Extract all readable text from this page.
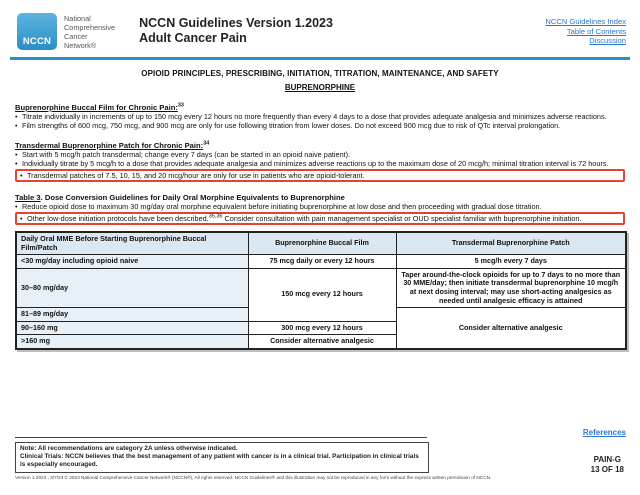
NCCN
National
Comprehensive
Cancer
Network®
NCCN Guidelines Version 1.2023
Adult Cancer Pain
NCCN Guidelines Index
Table of Contents
Discussion
OPIOID PRINCIPLES, PRESCRIBING, INITIATION, TITRATION, MAINTENANCE, AND SAFETY
BUPRENORPHINE
Buprenorphine Buccal Film for Chronic Pain:$^{33}$
• Titrate individually in increments of up to 150 mcg every 12 hours no more frequently than every 4 days to a dose that provides adequate analgesia and minimizes adverse reactions.
• Film strengths of 600 mcg, 750 mcg, and 900 mcg are only for use following titration from lower doses. Do not exceed 900 mcg due to risk of QTc interval prolongation.
Transdermal Buprenorphine Patch for Chronic Pain:$^{34}$
• Start with 5 mcg/h patch transdermal; change every 7 days (can be started in an opioid naive patient).
• Individually titrate by 5 mcg/h to a dose that provides adequate analgesia and minimizes adverse reactions up to the maximum dose of 20 mcg/h; minimal titration interval is 72 hours.
• Transdermal patches of 7.5, 10, 15, and 20 mcg/hour are only for use in patients who are opioid-tolerant.
Table 3. Dose Conversion Guidelines for Daily Oral Morphine Equivalents to Buprenorphine
• Reduce opioid dose to maximum 30 mg/day oral morphine equivalent before initiating buprenorphine at low dose and then proceeding with gradual dose titration.
• Other low-dose initiation protocols have been described.$^{35,36}$ Consider consultation with pain management specialist or OUD specialist familiar with buprenorphine initiation.
Daily Oral MME Before Starting Buprenorphine Buccal Film/Patch	Buprenorphine Buccal Film	Transdermal Buprenorphine Patch
<30 mg/day including opioid naive	75 mcg daily or every 12 hours	5 mcg/h every 7 days
30–80 mg/day	150 mcg every 12 hours	Taper around-the-clock opioids for up to 7 days to no more than 30 MME/day; then initiate transdermal buprenorphine 10 mcg/h at next dosing interval; may use short-acting analgesics as needed until analgesic efficacy is attained
81–89 mg/day		Consider alternative analgesic
90–160 mg	300 mcg every 12 hours	
>160 mg	Consider alternative analgesic	
References
Note: All recommendations are category 2A unless otherwise indicated.
Clinical Trials: NCCN believes that the best management of any patient with cancer is in a clinical trial. Participation in clinical trials is especially encouraged.
PAIN-G
13 OF 18
Version 1.2023 , 3/7/23 © 2023 National Comprehensive Cancer Network® (NCCN®), All rights reserved. NCCN Guidelines® and this illustration may not be reproduced in any form without the express written permission of NCCN.
